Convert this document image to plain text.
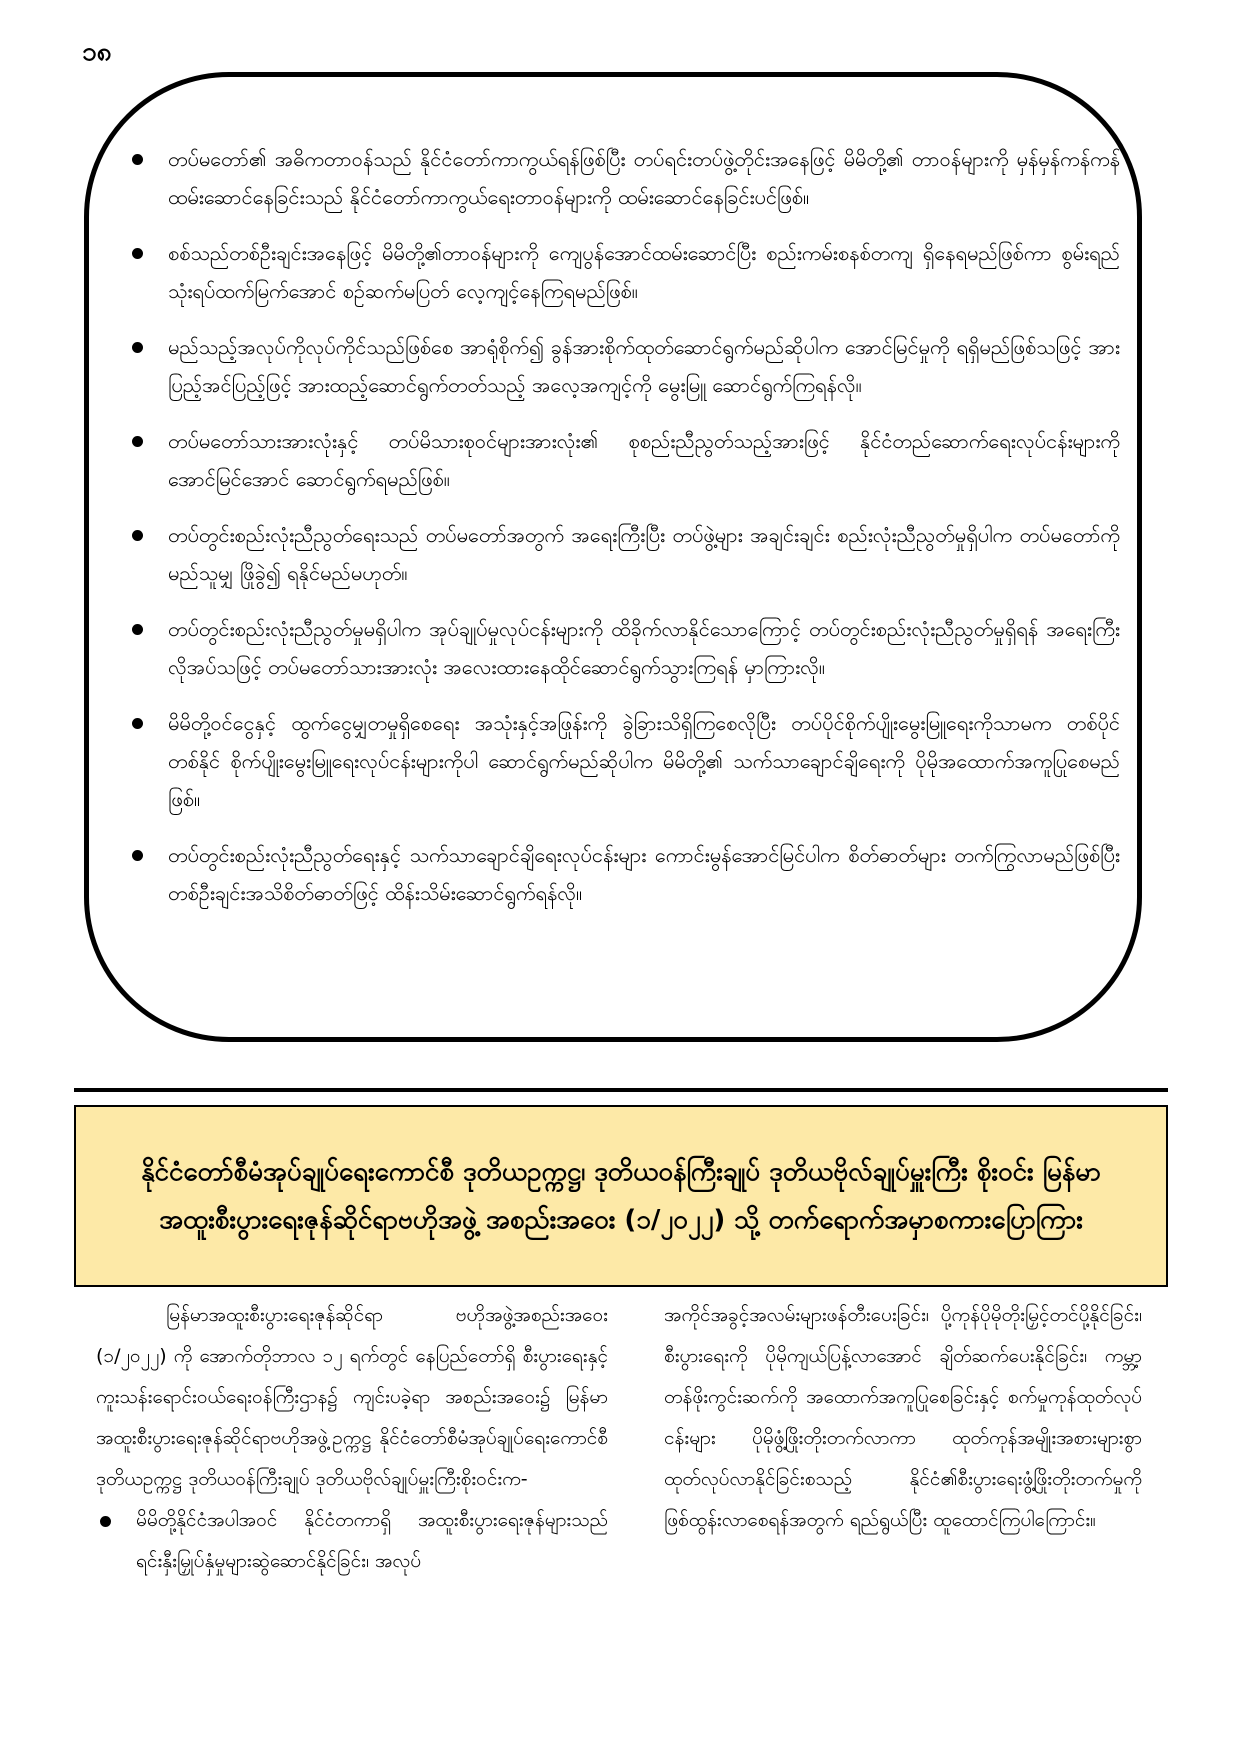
၁၈
တပ်မတော်၏ အဓိကတာဝန်သည် နိုင်ငံတော်ကာကွယ်ရန်ဖြစ်ပြီး တပ်ရင်းတပ်ဖွဲ့တိုင်းအနေဖြင့် မိမိတို့၏ တာဝန်များကို မှန်မှန်ကန်ကန်ထမ်းဆောင်နေခြင်းသည် နိုင်ငံတော်ကာကွယ်ရေးတာဝန်များကို ထမ်းဆောင်နေခြင်းပင်ဖြစ်။
စစ်သည်တစ်ဦးချင်းအနေဖြင့် မိမိတို့၏တာဝန်များကို ကျေပွန်အောင်ထမ်းဆောင်ပြီး စည်းကမ်းစနစ်တကျ ရှိနေရမည်ဖြစ်ကာ စွမ်းရည်သုံးရပ်ထက်မြက်အောင် စဉ်ဆက်မပြတ် လေ့ကျင့်နေကြရမည်ဖြစ်။
မည်သည့်အလုပ်ကိုလုပ်ကိုင်သည်ဖြစ်စေ အာရုံစိုက်၍ ခွန်အားစိုက်ထုတ်ဆောင်ရွက်မည်ဆိုပါက အောင်မြင်မှုကို ရရှိမည်ဖြစ်သဖြင့် အားပြည့်အင်ပြည့်ဖြင့် အားထည့်ဆောင်ရွက်တတ်သည့် အလေ့အကျင့်ကို မွေးမြူ ဆောင်ရွက်ကြရန်လို။
တပ်မတော်သားအားလုံးနှင့် တပ်မိသားစုဝင်များအားလုံး၏ စုစည်းညီညွတ်သည့်အားဖြင့် နိုင်ငံတည်ဆောက်ရေးလုပ်ငန်းများကို အောင်မြင်အောင် ဆောင်ရွက်ရမည်ဖြစ်။
တပ်တွင်းစည်းလုံးညီညွတ်ရေးသည် တပ်မတော်အတွက် အရေးကြီးပြီး တပ်ဖွဲ့များ အချင်းချင်း စည်းလုံးညီညွတ်မှုရှိပါက တပ်မတော်ကို မည်သူမျှ ဖြိုခွဲ၍ ရနိုင်မည်မဟုတ်။
တပ်တွင်းစည်းလုံးညီညွတ်မှုမရှိပါက အုပ်ချုပ်မှုလုပ်ငန်းများကို ထိခိုက်လာနိုင်သောကြောင့် တပ်တွင်းစည်းလုံးညီညွတ်မှုရှိရန် အရေးကြီးလိုအပ်သဖြင့် တပ်မတော်သားအားလုံး အလေးထားနေထိုင်ဆောင်ရွက်သွားကြရန် မှာကြားလို။
မိမိတို့ဝင်ငွေနှင့် ထွက်ငွေမျှတမှုရှိစေရေး အသုံးနှင့်အဖြုန်းကို ခွဲခြားသိရှိကြစေလိုပြီး တပ်ပိုင်စိုက်ပျိုးမွေးမြူရေးကိုသာမက တစ်ပိုင်တစ်နိုင် စိုက်ပျိုးမွေးမြူရေးလုပ်ငန်းများကိုပါ ဆောင်ရွက်မည်ဆိုပါက မိမိတို့၏ သက်သာချောင်ချိရေးကို ပိုမိုအထောက်အကူပြုစေမည်ဖြစ်။
တပ်တွင်းစည်းလုံးညီညွတ်ရေးနှင့် သက်သာချောင်ချိရေးလုပ်ငန်းများ ကောင်းမွန်အောင်မြင်ပါက စိတ်ဓာတ်များ တက်ကြွလာမည်ဖြစ်ပြီး တစ်ဦးချင်းအသိစိတ်ဓာတ်ဖြင့် ထိန်းသိမ်းဆောင်ရွက်ရန်လို။
နိုင်ငံတော်စီမံအုပ်ချုပ်ရေးကောင်စီ ဒုတိယဥက္ကဋ္ဌ၊ ဒုတိယဝန်ကြီးချုပ် ဒုတိယဗိုလ်ချုပ်မှူးကြီး စိုးဝင်း မြန်မာအထူးစီးပွားရေးဇုန်ဆိုင်ရာဗဟိုအဖွဲ့ အစည်းအဝေး (၁/၂၀၂၂) သို့ တက်ရောက်အမှာစကားပြောကြား

မြန်မာအထူးစီးပွားရေးဇုန်ဆိုင်ရာ ဗဟိုအဖွဲ့အစည်းအဝေး (၁/၂၀၂၂) ကို အောက်တိုဘာလ ၁၂ ရက်တွင် နေပြည်တော်ရှိ စီးပွားရေးနှင့်ကူးသန်းရောင်းဝယ်ရေးဝန်ကြီးဌာန၌ ကျင်းပခဲ့ရာ အစည်းအဝေး၌ မြန်မာအထူးစီးပွားရေးဇုန်ဆိုင်ရာဗဟိုအဖွဲ့ဥက္ကဋ္ဌ နိုင်ငံတော်စီမံအုပ်ချုပ်ရေးကောင်စီ ဒုတိယဥက္ကဋ္ဌ ဒုတိယဝန်ကြီးချုပ် ဒုတိယဗိုလ်ချုပ်မှူးကြီးစိုးဝင်းက-

မိမိတို့နိုင်ငံအပါအဝင် နိုင်ငံတကာရှိ အထူးစီးပွားရေးဇုန်များသည် ရင်းနှီးမြှုပ်နှံမှုများဆွဲဆောင်နိုင်ခြင်း၊ အလုပ်

အကိုင်အခွင့်အလမ်းများဖန်တီးပေးခြင်း၊ ပို့ကုန်ပိုမိုတိုးမြှင့်တင်ပို့နိုင်ခြင်း၊ စီးပွားရေးကို ပိုမိုကျယ်ပြန့်လာအောင် ချိတ်ဆက်ပေးနိုင်ခြင်း၊ ကမ္ဘာ့တန်ဖိုးကွင်းဆက်ကို အထောက်အကူပြုစေခြင်းနှင့် စက်မှုကုန်ထုတ်လုပ်ငန်းများ ပိုမိုဖွံ့ဖြိုးတိုးတက်လာကာ ထုတ်ကုန်အမျိုးအစားများစွာ ထုတ်လုပ်လာနိုင်ခြင်းစသည့် နိုင်ငံ၏စီးပွားရေးဖွံ့ဖြိုးတိုးတက်မှုကို ဖြစ်ထွန်းလာစေရန်အတွက် ရည်ရွယ်ပြီး ထူထောင်ကြပါကြောင်း။
